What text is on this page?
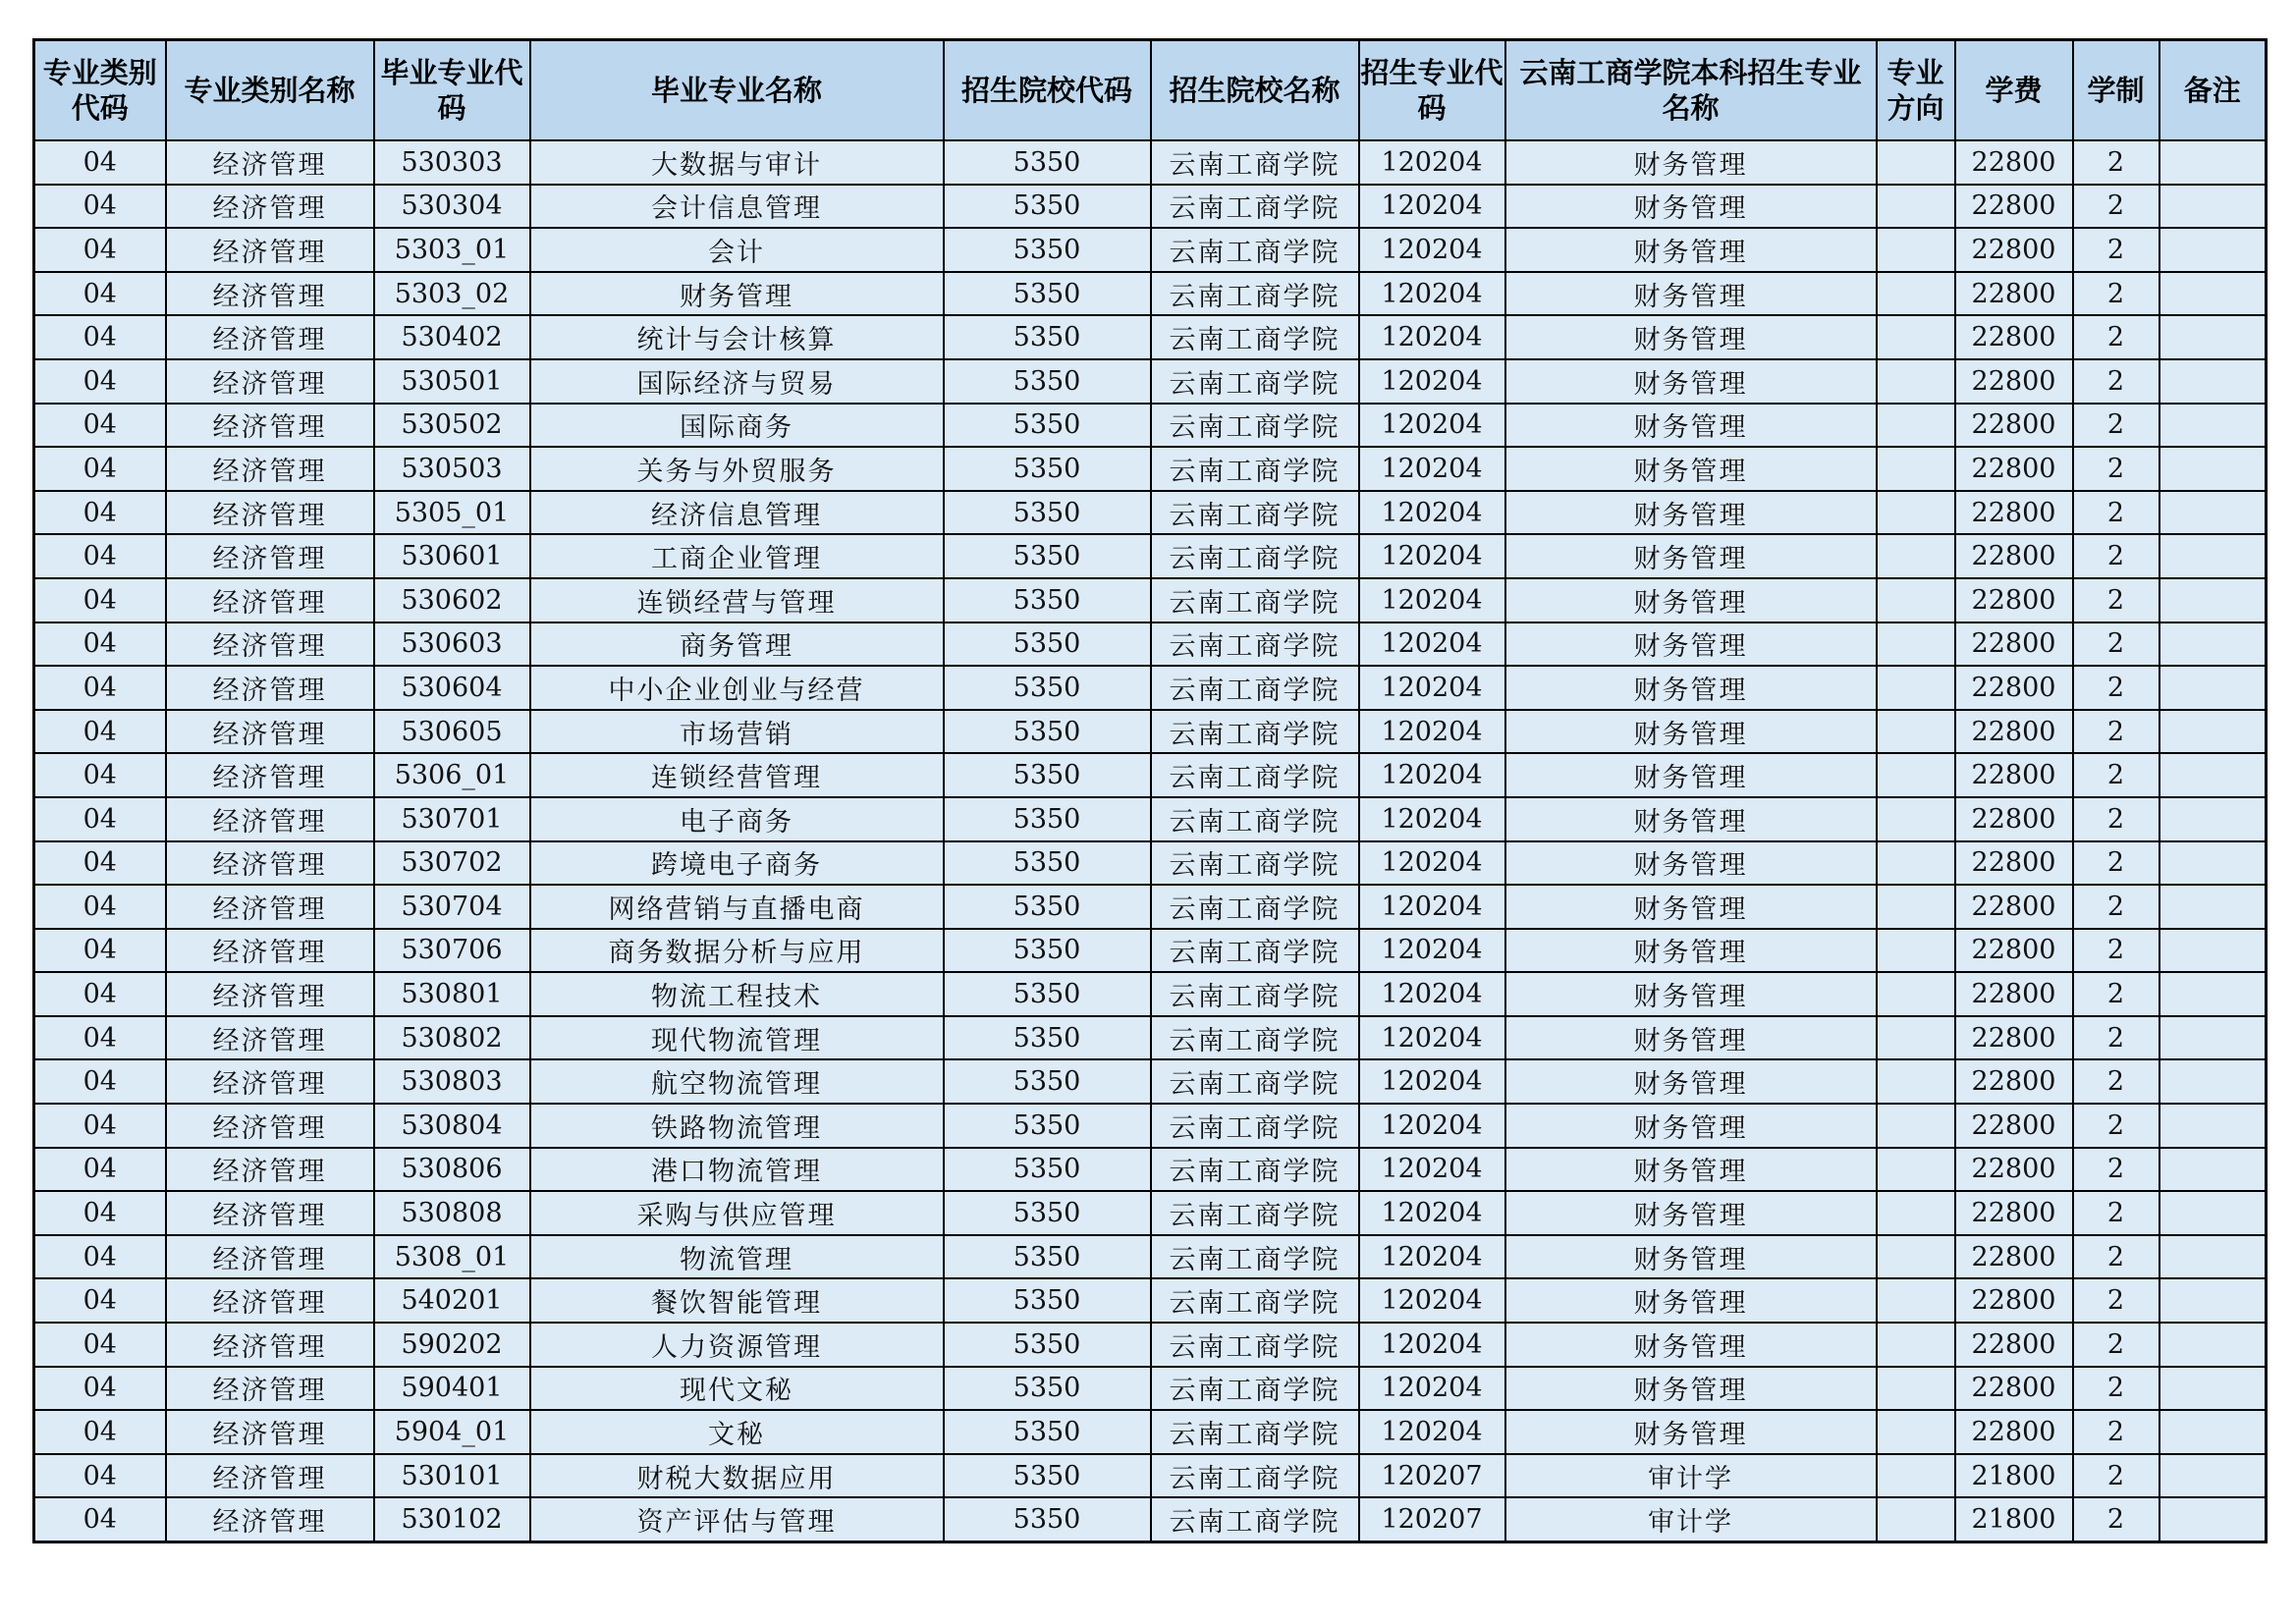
专业类别代码	专业类别名称	毕业专业代码	毕业专业名称	招生院校代码	招生院校名称	招生专业代码	云南工商学院本科招生专业名称	专业方向	学费	学制	备注
04	经济管理	530303	大数据与审计	5350	云南工商学院	120204	财务管理		22800	2	
04	经济管理	530304	会计信息管理	5350	云南工商学院	120204	财务管理		22800	2	
04	经济管理	5303_01	会计	5350	云南工商学院	120204	财务管理		22800	2	
04	经济管理	5303_02	财务管理	5350	云南工商学院	120204	财务管理		22800	2	
04	经济管理	530402	统计与会计核算	5350	云南工商学院	120204	财务管理		22800	2	
04	经济管理	530501	国际经济与贸易	5350	云南工商学院	120204	财务管理		22800	2	
04	经济管理	530502	国际商务	5350	云南工商学院	120204	财务管理		22800	2	
04	经济管理	530503	关务与外贸服务	5350	云南工商学院	120204	财务管理		22800	2	
04	经济管理	5305_01	经济信息管理	5350	云南工商学院	120204	财务管理		22800	2	
04	经济管理	530601	工商企业管理	5350	云南工商学院	120204	财务管理		22800	2	
04	经济管理	530602	连锁经营与管理	5350	云南工商学院	120204	财务管理		22800	2	
04	经济管理	530603	商务管理	5350	云南工商学院	120204	财务管理		22800	2	
04	经济管理	530604	中小企业创业与经营	5350	云南工商学院	120204	财务管理		22800	2	
04	经济管理	530605	市场营销	5350	云南工商学院	120204	财务管理		22800	2	
04	经济管理	5306_01	连锁经营管理	5350	云南工商学院	120204	财务管理		22800	2	
04	经济管理	530701	电子商务	5350	云南工商学院	120204	财务管理		22800	2	
04	经济管理	530702	跨境电子商务	5350	云南工商学院	120204	财务管理		22800	2	
04	经济管理	530704	网络营销与直播电商	5350	云南工商学院	120204	财务管理		22800	2	
04	经济管理	530706	商务数据分析与应用	5350	云南工商学院	120204	财务管理		22800	2	
04	经济管理	530801	物流工程技术	5350	云南工商学院	120204	财务管理		22800	2	
04	经济管理	530802	现代物流管理	5350	云南工商学院	120204	财务管理		22800	2	
04	经济管理	530803	航空物流管理	5350	云南工商学院	120204	财务管理		22800	2	
04	经济管理	530804	铁路物流管理	5350	云南工商学院	120204	财务管理		22800	2	
04	经济管理	530806	港口物流管理	5350	云南工商学院	120204	财务管理		22800	2	
04	经济管理	530808	采购与供应管理	5350	云南工商学院	120204	财务管理		22800	2	
04	经济管理	5308_01	物流管理	5350	云南工商学院	120204	财务管理		22800	2	
04	经济管理	540201	餐饮智能管理	5350	云南工商学院	120204	财务管理		22800	2	
04	经济管理	590202	人力资源管理	5350	云南工商学院	120204	财务管理		22800	2	
04	经济管理	590401	现代文秘	5350	云南工商学院	120204	财务管理		22800	2	
04	经济管理	5904_01	文秘	5350	云南工商学院	120204	财务管理		22800	2	
04	经济管理	530101	财税大数据应用	5350	云南工商学院	120207	审计学		21800	2	
04	经济管理	530102	资产评估与管理	5350	云南工商学院	120207	审计学		21800	2	
